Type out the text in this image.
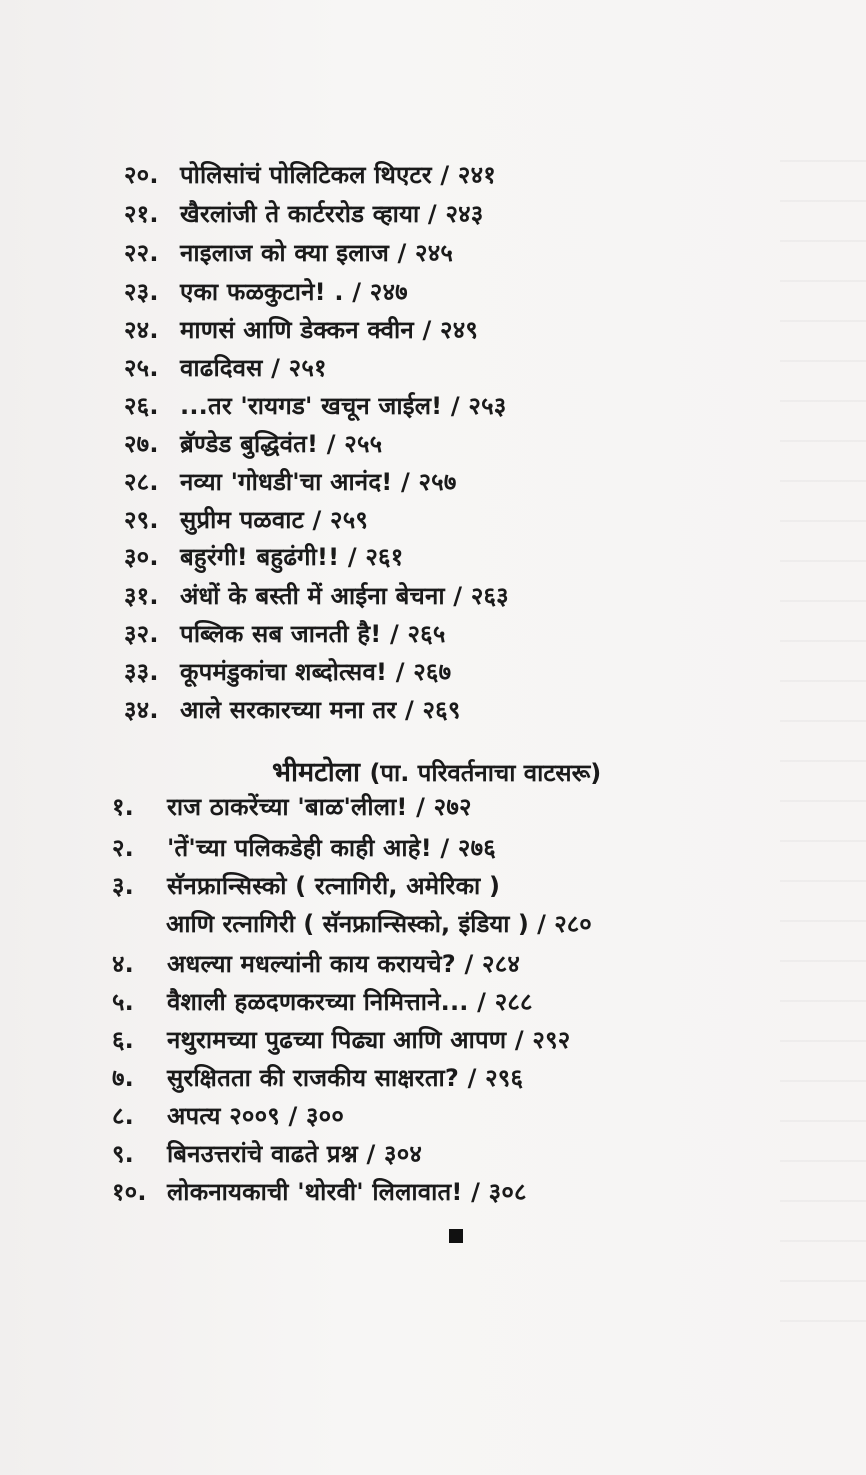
२०. पोलिसांचं पोलिटिकल थिएटर / २४१
२१. खैरलांजी ते कार्टररोड व्हाया / २४३
२२. नाइलाज को क्या इलाज / २४५
२३. एका फळकुटाने! . / २४७
२४. माणसं आणि डेक्कन क्वीन / २४९
२५. वाढदिवस / २५१
२६. ...तर 'रायगड' खचून जाईल! / २५३
२७. ब्रॅण्डेड बुद्धिवंत! / २५५
२८. नव्या 'गोधडी'चा आनंद! / २५७
२९. सुप्रीम पळवाट / २५९
३०. बहुरंगी! बहुढंगी!! / २६१
३१. अंधों के बस्ती में आईना बेचना / २६३
३२. पब्लिक सब जानती है! / २६५
३३. कूपमंडुकांचा शब्दोत्सव! / २६७
३४. आले सरकारच्या मना तर / २६९
भीमटोला (पा. परिवर्तनाचा वाटसरू)
१. राज ठाकरेंच्या 'बाळ'लीला! / २७२
२. 'तें'च्या पलिकडेही काही आहे! / २७६
३. सॅनफ्रान्सिस्को ( रत्नागिरी, अमेरिका )
आणि रत्नागिरी ( सॅनफ्रान्सिस्को, इंडिया ) / २८०
४. अधल्या मधल्यांनी काय करायचे? / २८४
५. वैशाली हळदणकरच्या निमित्ताने... / २८८
६. नथुरामच्या पुढच्या पिढ्या आणि आपण / २९२
७. सुरक्षितता की राजकीय साक्षरता? / २९६
८. अपत्य २००९ / ३००
९. बिनउत्तरांचे वाढते प्रश्न / ३०४
१०. लोकनायकाची 'थोरवी' लिलावात! / ३०८
